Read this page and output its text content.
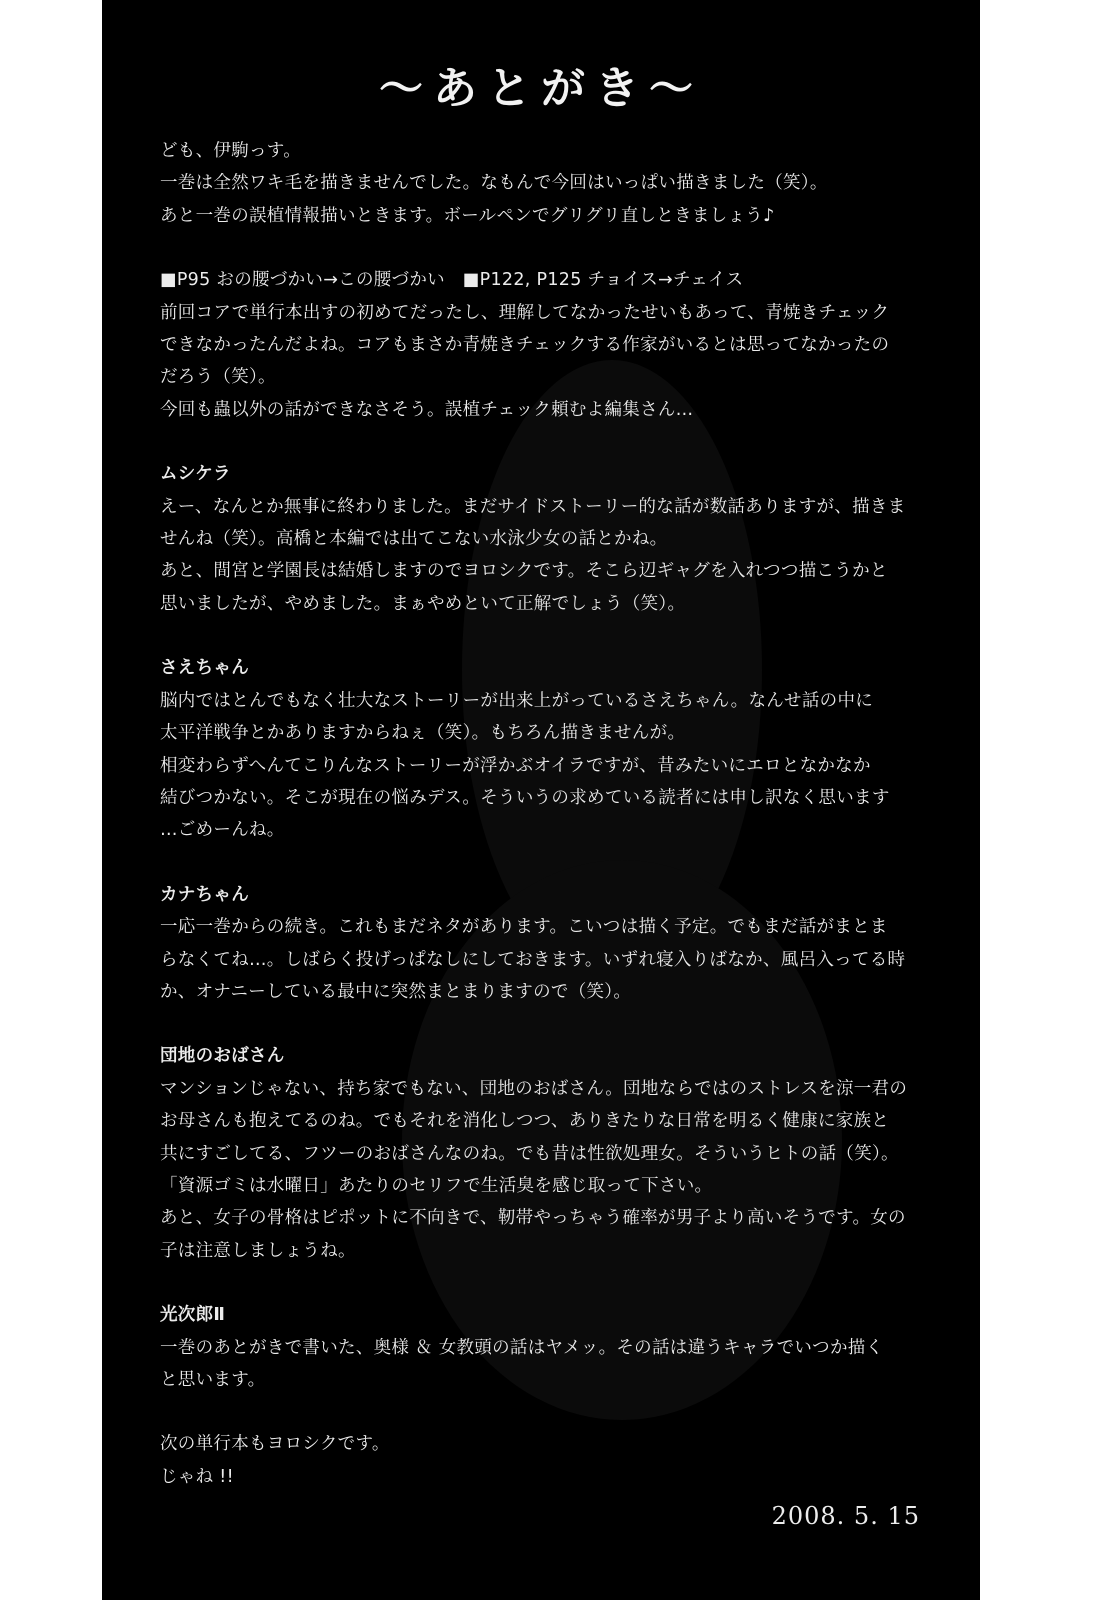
～あとがき～

ども、伊駒っす。

一巻は全然ワキ毛を描きませんでした。なもんで今回はいっぱい描きました（笑）。

あと一巻の誤植情報描いときます。ボールペンでグリグリ直しときましょう♪

■P95 おの腰づかい→この腰づかい　■P122, P125 チョイス→チェイス

前回コアで単行本出すの初めてだったし、理解してなかったせいもあって、青焼きチェック

できなかったんだよね。コアもまさか青焼きチェックする作家がいるとは思ってなかったの

だろう（笑）。

今回も蟲以外の話ができなさそう。誤植チェック頼むよ編集さん…

ムシケラ

えー、なんとか無事に終わりました。まだサイドストーリー的な話が数話ありますが、描きま

せんね（笑）。高橋と本編では出てこない水泳少女の話とかね。

あと、間宮と学園長は結婚しますのでヨロシクです。そこら辺ギャグを入れつつ描こうかと

思いましたが、やめました。まぁやめといて正解でしょう（笑）。

さえちゃん

脳内ではとんでもなく壮大なストーリーが出来上がっているさえちゃん。なんせ話の中に

太平洋戦争とかありますからねぇ（笑）。もちろん描きませんが。

相変わらずへんてこりんなストーリーが浮かぶオイラですが、昔みたいにエロとなかなか

結びつかない。そこが現在の悩みデス。そういうの求めている読者には申し訳なく思います

…ごめーんね。

カナちゃん

一応一巻からの続き。これもまだネタがあります。こいつは描く予定。でもまだ話がまとま

らなくてね…。しばらく投げっぱなしにしておきます。いずれ寝入りばなか、風呂入ってる時

か、オナニーしている最中に突然まとまりますので（笑）。

団地のおばさん

マンションじゃない、持ち家でもない、団地のおばさん。団地ならではのストレスを涼一君の

お母さんも抱えてるのね。でもそれを消化しつつ、ありきたりな日常を明るく健康に家族と

共にすごしてる、フツーのおばさんなのね。でも昔は性欲処理女。そういうヒトの話（笑）。

「資源ゴミは水曜日」あたりのセリフで生活臭を感じ取って下さい。

あと、女子の骨格はピポットに不向きで、靭帯やっちゃう確率が男子より高いそうです。女の

子は注意しましょうね。

光次郎Ⅱ

一巻のあとがきで書いた、奥様 ＆ 女教頭の話はヤメッ。その話は違うキャラでいつか描く

と思います。

次の単行本もヨロシクです。

じゃね !!

2008. 5. 15
